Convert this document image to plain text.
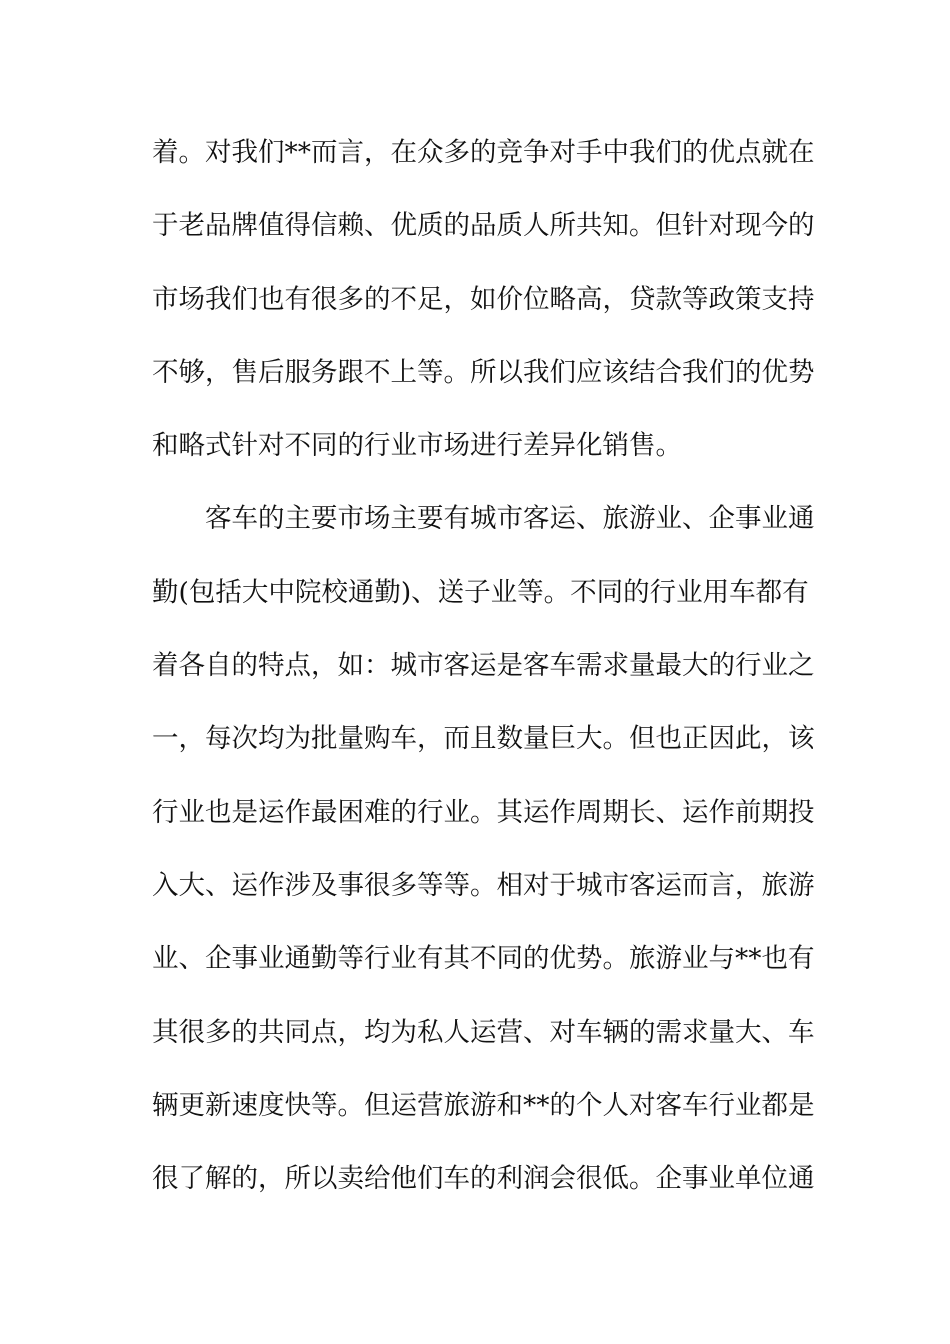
着。对我们**而言，在众多的竞争对手中我们的优点就在
于老品牌值得信赖、优质的品质人所共知。但针对现今的
市场我们也有很多的不足，如价位略高，贷款等政策支持
不够，售后服务跟不上等。所以我们应该结合我们的优势
和略式针对不同的行业市场进行差异化销售。
客车的主要市场主要有城市客运、旅游业、企事业通
勤(包括大中院校通勤)、送子业等。不同的行业用车都有
着各自的特点，如：城市客运是客车需求量最大的行业之
一，每次均为批量购车，而且数量巨大。但也正因此，该
行业也是运作最困难的行业。其运作周期长、运作前期投
入大、运作涉及事很多等等。相对于城市客运而言，旅游
业、企事业通勤等行业有其不同的优势。旅游业与**也有
其很多的共同点，均为私人运营、对车辆的需求量大、车
辆更新速度快等。但运营旅游和**的个人对客车行业都是
很了解的，所以卖给他们车的利润会很低。企事业单位通
